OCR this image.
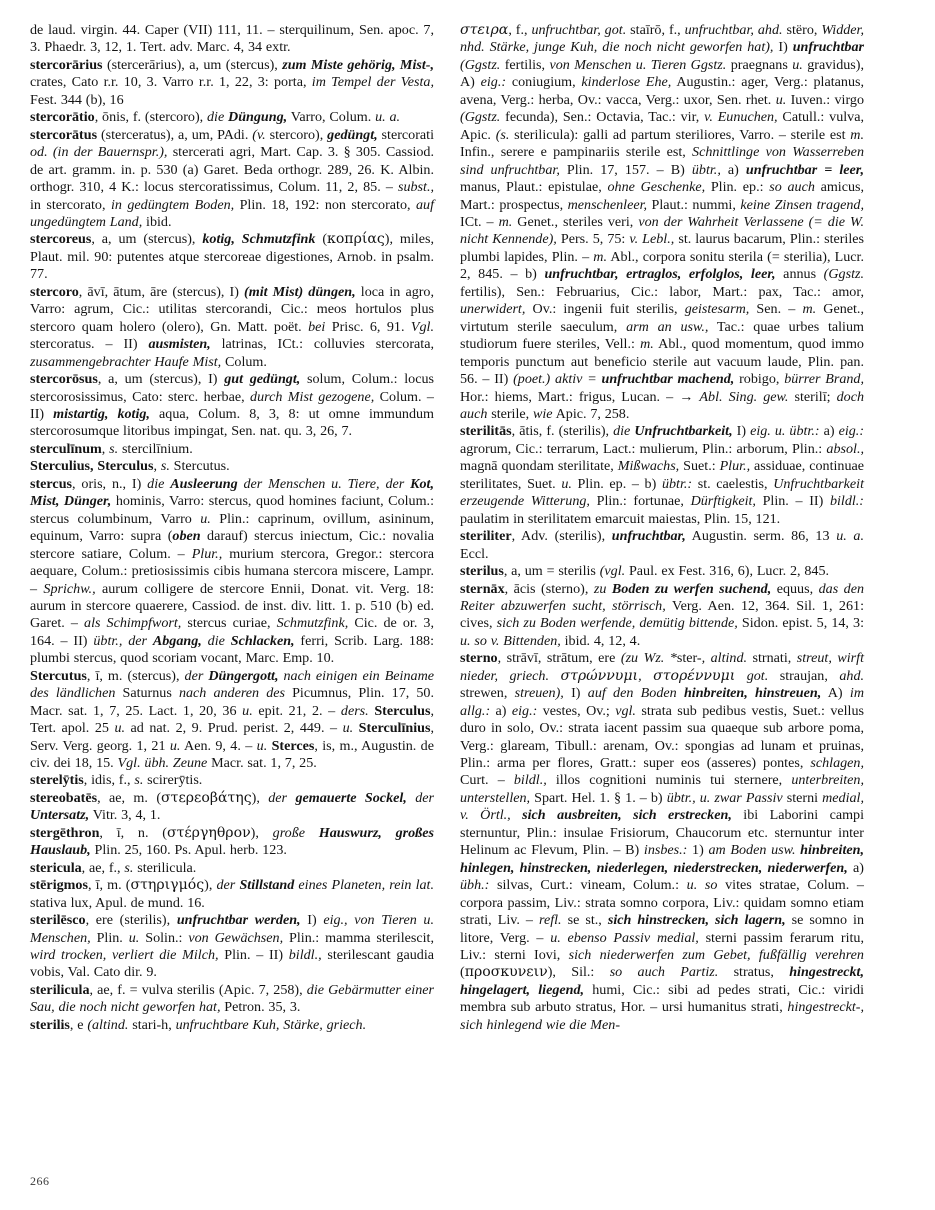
de laud. virgin. 44. Caper (VII) 111, 11. – sterquilinum, Sen. apoc. 7, 3. Phaedr. 3, 12, 1. Tert. adv. Marc. 4, 34 extr.

stercorārius (stercerārius), a, um (stercus), zum Miste gehörig, Mist-, crates, Cato r.r. 10, 3. Varro r.r. 1, 22, 3: porta, im Tempel der Vesta, Fest. 344 (b), 16

stercorātio, ōnis, f. (stercoro), die Düngung, Varro, Colum. u. a.

stercorātus (sterceratus), a, um, PAdi. (v. stercoro), gedüngt, stercorati od. (in der Bauernspr.), stercerati agri, Mart. Cap. 3. § 305. Cassiod. de art. gramm. in. p. 530 (a) Garet. Beda orthogr. 289, 26. K. Albin. orthogr. 310, 4 K.: locus stercoratissimus, Colum. 11, 2, 85. – subst., in stercorato, in gedüngtem Boden, Plin. 18, 192: non stercorato, auf ungedüngtem Land, ibid.

stercoreus, a, um (stercus), kotig, Schmutzfink (κοπρίας), miles, Plaut. mil. 90: putentes atque stercoreae digestiones, Arnob. in psalm. 77.

stercoro, āvī, ātum, āre (stercus), I) (mit Mist) düngen, loca in agro, Varro: agrum, Cic.: utilitas stercorandi, Cic.: meos hortulos plus stercoro quam holero (olero), Gn. Matt. poët. bei Prisc. 6, 91. Vgl. stercoratus. – II) ausmisten, latrinas, ICt.: colluvies stercorata, zusammengebrachter Haufe Mist, Colum.

stercorōsus, a, um (stercus), I) gut gedüngt, solum, Colum.: locus stercorosissimus, Cato: sterc. herbae, durch Mist gezogene, Colum. – II) mistartig, kotig, aqua, Colum. 8, 3, 8: ut omne immundum stercorosumque litoribus impingat, Sen. nat. qu. 3, 26, 7.

sterculīnum, s. stercilīnium.

Sterculius, Sterculus, s. Stercutus.

stercus, oris, n., I) die Ausleerung der Menschen u. Tiere, der Kot, Mist, Dünger, hominis, Varro: stercus, quod homines faciunt, Colum.: stercus columbinum, Varro u. Plin.: caprinum, ovillum, asininum, equinum, Varro: supra (oben darauf) stercus iniectum, Cic.: novalia stercore satiare, Colum. – Plur., murium stercora, Gregor.: stercora aequare, Colum.: pretiosissimis cibis humana stercora miscere, Lampr. – Sprichw., aurum colligere de stercore Ennii, Donat. vit. Verg. 18: aurum in stercore quaerere, Cassiod. de inst. div. litt. 1. p. 510 (b) ed. Garet. – als Schimpfwort, stercus curiae, Schmutzfink, Cic. de or. 3, 164. – II) übtr., der Abgang, die Schlacken, ferri, Scrib. Larg. 188: plumbi stercus, quod scoriam vocant, Marc. Emp. 10.

Stercutus, ī, m. (stercus), der Düngergott, nach einigen ein Beiname des ländlichen Saturnus nach anderen des Picumnus, Plin. 17, 50. Macr. sat. 1, 7, 25. Lact. 1, 20, 36 u. epit. 21, 2. – ders. Sterculus, Tert. apol. 25 u. ad nat. 2, 9. Prud. perist. 2, 449. – u. Sterculīnius, Serv. Verg. georg. 1, 21 u. Aen. 9, 4. – u. Sterces, is, m., Augustin. de civ. dei 18, 15. Vgl. übh. Zeune Macr. sat. 1, 7, 25.

sterelȳtis, idis, f., s. scirerȳtis.

stereobatēs, ae, m. (στερεοβάτης), der gemauerte Sockel, der Untersatz, Vitr. 3, 4, 1.

stergēthron, ī, n. (στέργηθρον), große Hauswurz, großes Hauslaub, Plin. 25, 160. Ps. Apul. herb. 123.

stericula, ae, f., s. sterilicula.

stērigmos, ī, m. (στηριγμός), der Stillstand eines Planeten, rein lat. stativa lux, Apul. de mund. 16.

sterilēsco, ere (sterilis), unfruchtbar werden, I) eig., von Tieren u. Menschen, Plin. u. Solin.: von Gewächsen, Plin.: mamma sterilescit, wird trocken, verliert die Milch, Plin. – II) bildl., sterilescant gaudia vobis, Val. Cato dir. 9.

sterilicula, ae, f. = vulva sterilis (Apic. 7, 258), die Gebärmutter einer Sau, die noch nicht geworfen hat, Petron. 35, 3.

sterilis, e (altind. stari-h, unfruchtbare Kuh, Stärke, griech.

στειρα, f., unfruchtbar, got. staīrō, f., unfruchtbar, ahd. stëro, Widder, nhd. Stärke, junge Kuh, die noch nicht geworfen hat), I) unfruchtbar (Ggstz. fertilis, von Menschen u. Tieren Ggstz. praegnans u. gravidus), A) eig.: coniugium, kinderlose Ehe, Augustin.: ager, Verg.: platanus, avena, Verg.: herba, Ov.: vacca, Verg.: uxor, Sen. rhet. u. Iuven.: virgo (Ggstz. fecunda), Sen.: Octavia, Tac.: vir, v. Eunuchen, Catull.: vulva, Apic. (s. sterilicula): galli ad partum steriliores, Varro. – sterile est m. Infin., serere e pampinariis sterile est, Schnittlinge von Wasserreben sind unfruchtbar, Plin. 17, 157. – B) übtr., a) unfruchtbar = leer, manus, Plaut.: epistulae, ohne Geschenke, Plin. ep.: so auch amicus, Mart.: prospectus, menschenleer, Plaut.: nummi, keine Zinsen tragend, ICt. – m. Genet., steriles veri, von der Wahrheit Verlassene (= die W. nicht Kennende), Pers. 5, 75: v. Lebl., st. laurus bacarum, Plin.: steriles plumbi lapides, Plin. – m. Abl., corpora sonitu sterila (= sterilia), Lucr. 2, 845. – b) unfruchtbar, ertraglos, erfolglos, leer, annus (Ggstz. fertilis), Sen.: Februarius, Cic.: labor, Mart.: pax, Tac.: amor, unerwidert, Ov.: ingenii fuit sterilis, geistesarm, Sen. – m. Genet., virtutum sterile saeculum, arm an usw., Tac.: quae urbes talium studiorum fuere steriles, Vell.: m. Abl., quod momentum, quod immo temporis punctum aut beneficio sterile aut vacuum laude, Plin. pan. 56. – II) (poet.) aktiv = unfruchtbar machend, robigo, bürrer Brand, Hor.: hiems, Mart.: frigus, Lucan. – → Abl. Sing. gew. sterilī; doch auch sterile, wie Apic. 7, 258.

sterilitās, ātis, f. (sterilis), die Unfruchtbarkeit, I) eig. u. übtr.: a) eig.: agrorum, Cic.: terrarum, Lact.: mulierum, Plin.: arborum, Plin.: absol., magnā quondam sterilitate, Mißwachs, Suet.: Plur., assiduae, continuae sterilitates, Suet. u. Plin. ep. – b) übtr.: st. caelestis, Unfruchtbarkeit erzeugende Witterung, Plin.: fortunae, Dürftigkeit, Plin. – II) bildl.: paulatim in sterilitatem emarcuit maiestas, Plin. 15, 121.

steriliter, Adv. (sterilis), unfruchtbar, Augustin. serm. 86, 13 u. a. Eccl.

sterilus, a, um = sterilis (vgl. Paul. ex Fest. 316, 6), Lucr. 2, 845.

sternāx, ācis (sterno), zu Boden zu werfen suchend, equus, das den Reiter abzuwerfen sucht, störrisch, Verg. Aen. 12, 364. Sil. 1, 261: cives, sich zu Boden werfende, demütig bittende, Sidon. epist. 5, 14, 3: u. so v. Bittenden, ibid. 4, 12, 4.

sterno, strāvī, strātum, ere (zu Wz. *ster-, altind. strnati, streut, wirft nieder, griech. στρώννυμι, στορέννυμι got. straujan, ahd. strewen, streuen), I) auf den Boden hinbreiten, hinstreuen, A) im allg.: a) eig.: vestes, Ov.; vgl. strata sub pedibus vestis, Suet.: vellus duro in solo, Ov.: strata iacent passim sua quaeque sub arbore poma, Verg.: glaream, Tibull.: arenam, Ov.: spongias ad lunam et pruinas, Plin.: arma per flores, Gratt.: super eos (asseres) pontes, schlagen, Curt. – bildl., illos cognitioni numinis tui sternere, unterbreiten, unterstellen, Spart. Hel. 1. § 1. – b) übtr., u. zwar Passiv sterni medial, v. Örtl., sich ausbreiten, sich erstrecken, ibi Laborini campi sternuntur, Plin.: insulae Frisiorum, Chaucorum etc. sternuntur inter Helinum ac Flevum, Plin. – B) insbes.: 1) am Boden usw. hinbreiten, hinlegen, hinstrecken, niederlegen, niederstrecken, niederwerfen, a) übh.: silvas, Curt.: vineam, Colum.: u. so vites stratae, Colum. – corpora passim, Liv.: strata somno corpora, Liv.: quidam somno etiam strati, Liv. – refl. se st., sich hinstrecken, sich lagern, se somno in litore, Verg. – u. ebenso Passiv medial, sterni passim ferarum ritu, Liv.: sterni Iovi, sich niederwerfen zum Gebet, fußfällig verehren (προσκυνειν), Sil.: so auch Partiz. stratus, hingestreckt, hingelagert, liegend, humi, Cic.: sibi ad pedes strati, Cic.: viridi membra sub arbuto stratus, Hor. – ursi humanitus strati, hingestreckt-, sich hinlegend wie die Men-

266
